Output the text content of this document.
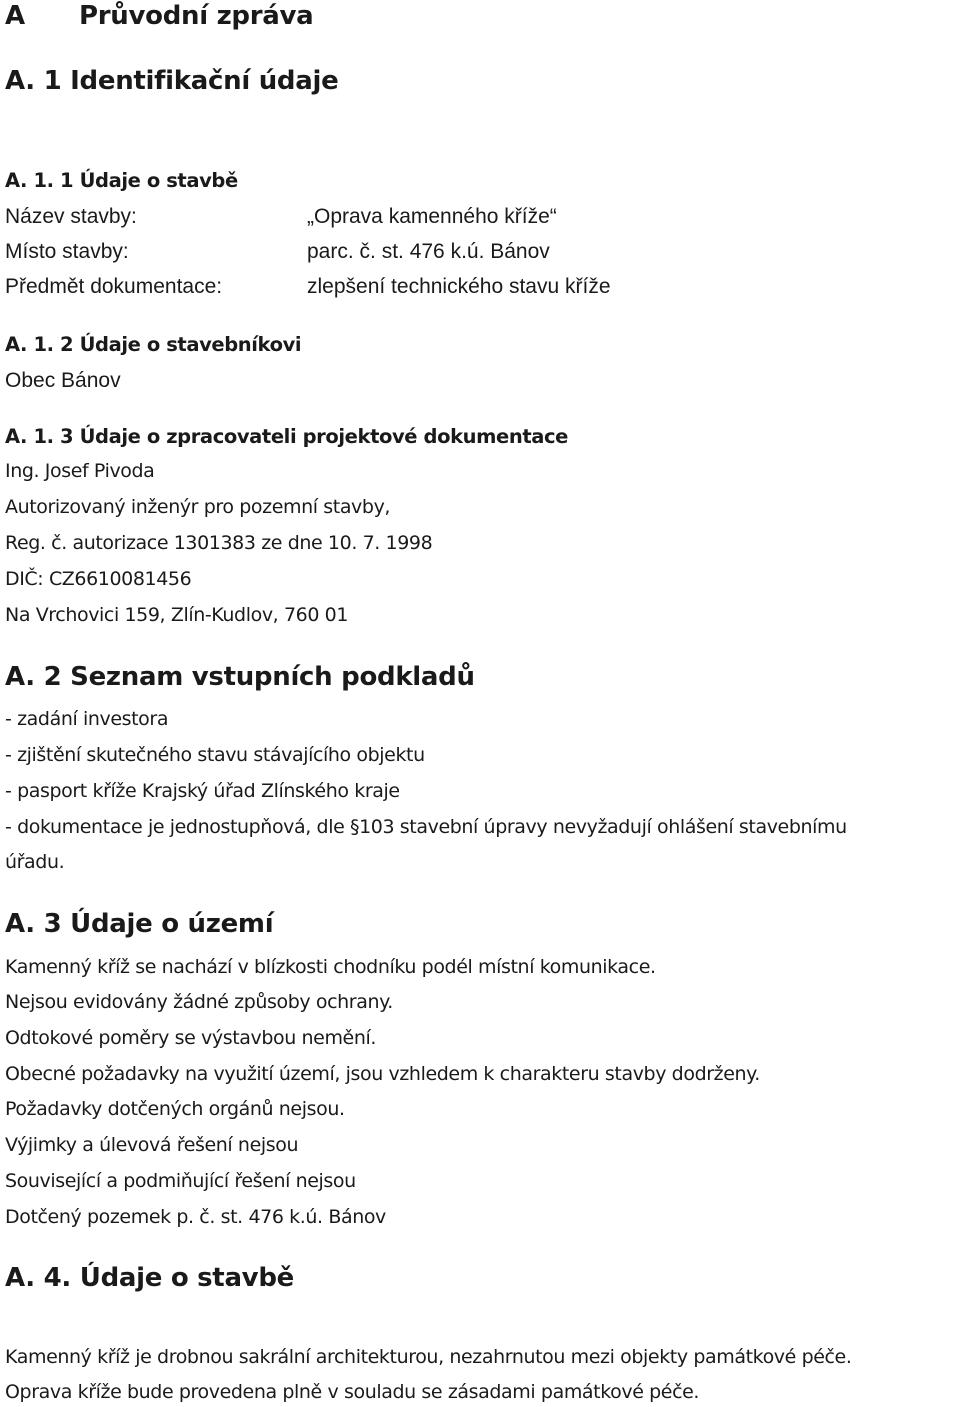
A Průvodní zpráva
A. 1 Identifikační údaje
A. 1. 1 Údaje o stavbě
Název stavby:	„Oprava kamenného kříže“
Místo stavby:	parc. č. st. 476 k.ú. Bánov
Předmět dokumentace:	zlepšení technického stavu kříže
A. 1. 2 Údaje o stavebníkovi
Obec Bánov
A. 1. 3 Údaje o zpracovateli projektové dokumentace
Ing. Josef Pivoda
Autorizovaný inženýr pro pozemní stavby,
Reg. č. autorizace 1301383 ze dne 10. 7. 1998
DIČ: CZ6610081456
Na Vrchovici 159, Zlín-Kudlov, 760 01
A. 2 Seznam vstupních podkladů
- zadání investora
- zjištění skutečného stavu stávajícího objektu
- pasport kříže Krajský úřad Zlínského kraje
- dokumentace je jednostupňová, dle §103 stavební úpravy nevyžadují ohlášení stavebnímu
úřadu.
A. 3 Údaje o území
Kamenný kříž se nachází v blízkosti chodníku podél místní komunikace.
Nejsou evidovány žádné způsoby ochrany.
Odtokové poměry se výstavbou nemění.
Obecné požadavky na využití území, jsou vzhledem k charakteru stavby dodrženy.
Požadavky dotčených orgánů nejsou.
Výjimky a úlevová řešení nejsou
Související a podmiňující řešení nejsou
Dotčený pozemek p. č. st. 476 k.ú. Bánov
A. 4. Údaje o stavbě
Kamenný kříž je drobnou sakrální architekturou, nezahrnutou mezi objekty památkové péče.
Oprava kříže bude provedena plně v souladu se zásadami památkové péče.
